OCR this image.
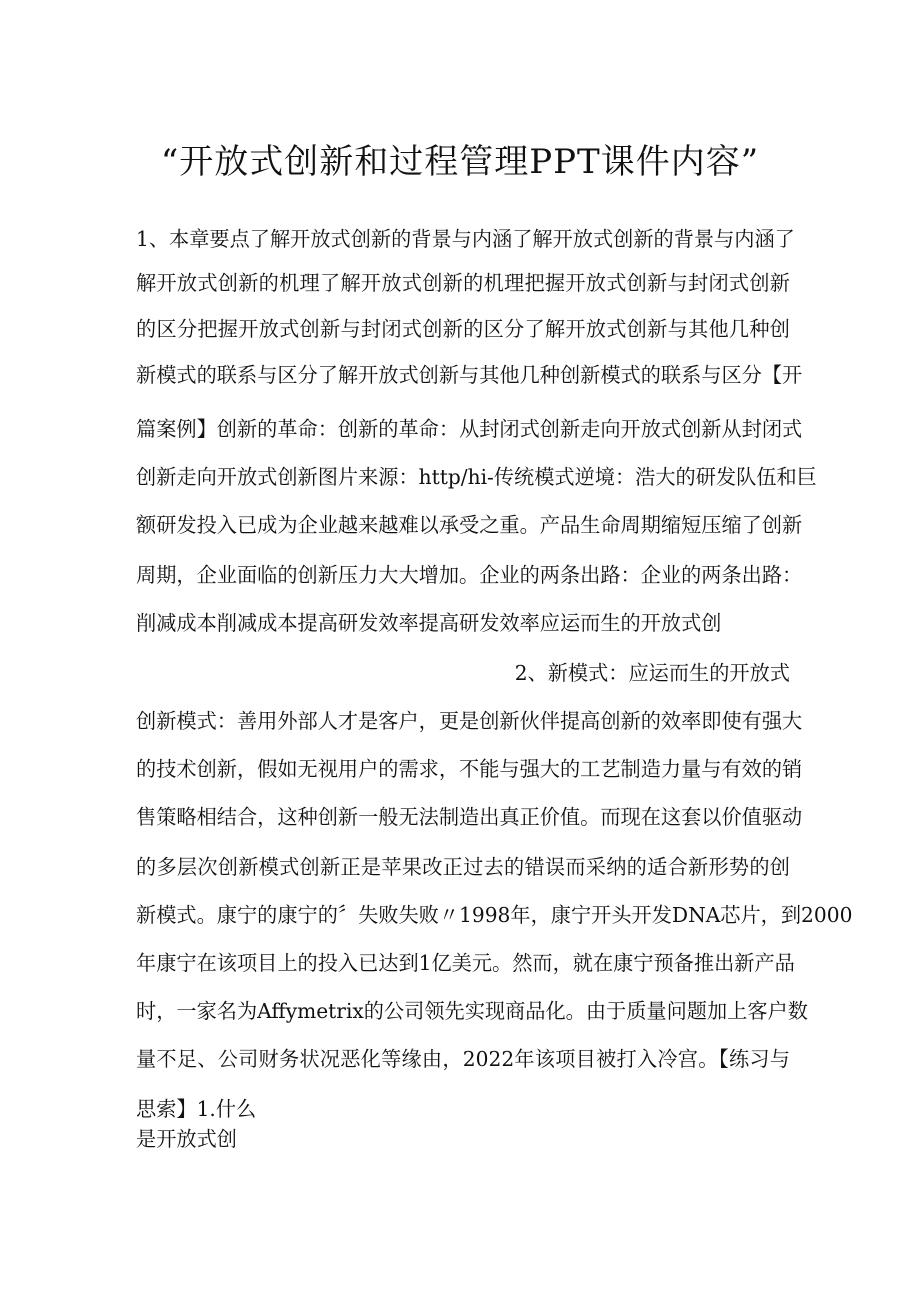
“开放式创新和过程管理PPT课件内容”
1、本章要点了解开放式创新的背景与内涵了解开放式创新的背景与内涵了
解开放式创新的机理了解开放式创新的机理把握开放式创新与封闭式创新
的区分把握开放式创新与封闭式创新的区分了解开放式创新与其他几种创
新模式的联系与区分了解开放式创新与其他几种创新模式的联系与区分【开
篇案例】创新的革命：创新的革命：从封闭式创新走向开放式创新从封闭式
创新走向开放式创新图片来源：http/hi-传统模式逆境：浩大的研发队伍和巨
额研发投入已成为企业越来越难以承受之重。产品生命周期缩短压缩了创新
周期，企业面临的创新压力大大增加。企业的两条出路：企业的两条出路：
削减成本削减成本提高研发效率提高研发效率应运而生的开放式创
2、新模式：应运而生的开放式
创新模式：善用外部人才是客户，更是创新伙伴提高创新的效率即使有强大
的技术创新，假如无视用户的需求，不能与强大的工艺制造力量与有效的销
售策略相结合，这种创新一般无法制造出真正价值。而现在这套以价值驱动
的多层次创新模式创新正是苹果改正过去的错误而采纳的适合新形势的创
新模式。康宁的康宁的〞失败失败〃1998年，康宁开头开发DNA芯片，到2000
年康宁在该项目上的投入已达到1亿美元。然而，就在康宁预备推出新产品
时，一家名为Affymetrix的公司领先实现商品化。由于质量问题加上客户数
量不足、公司财务状况恶化等缘由，2022年该项目被打入冷宫。【练习与
思索】1.什么
是开放式创
